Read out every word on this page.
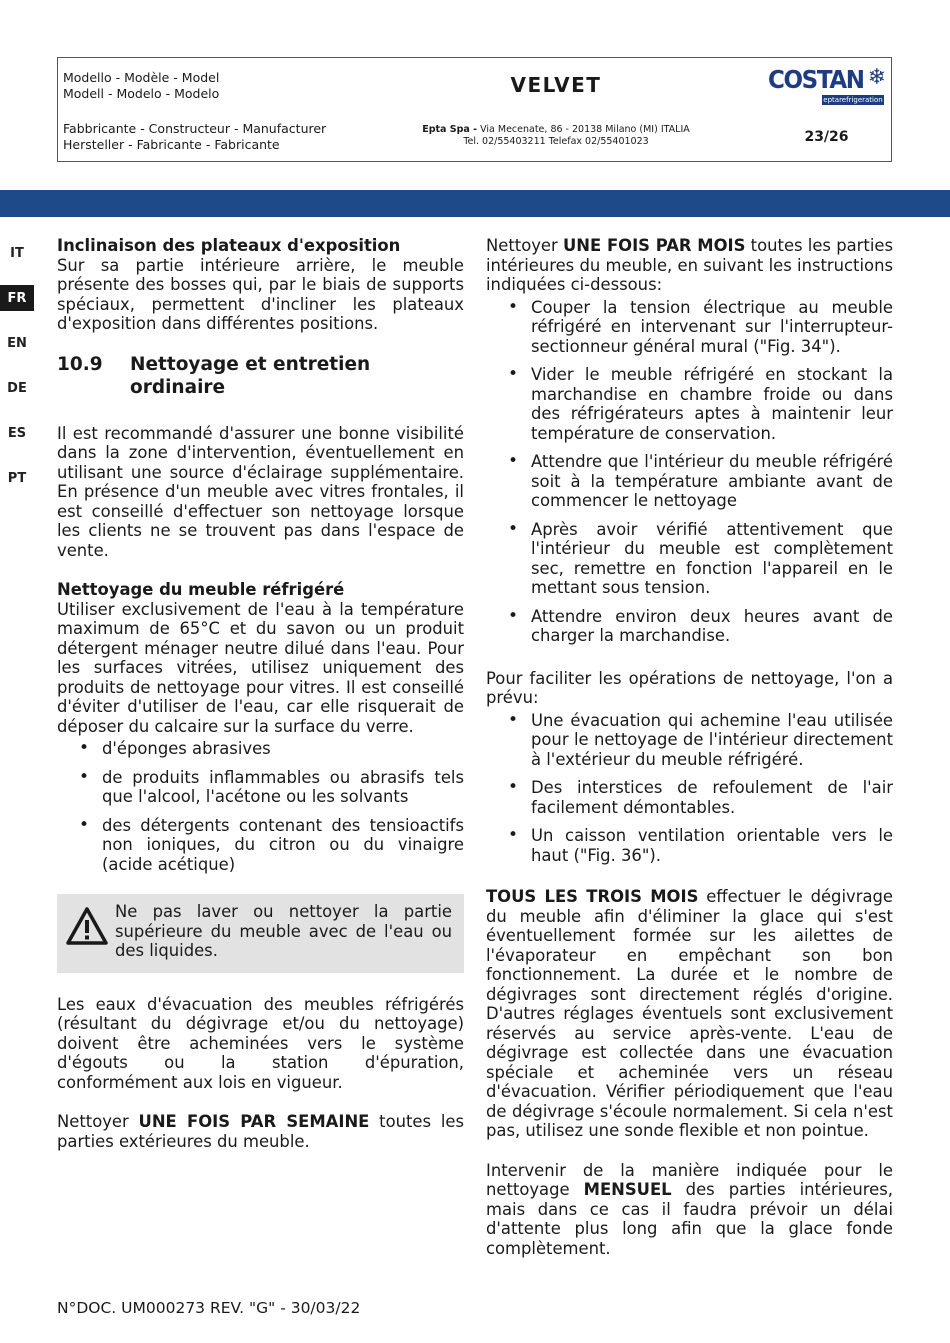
Modello - Modèle - Model
Modell - Modelo - Modelo	VELVET	COSTAN ❄
eptarefrigeration
Fabbricante - Constructeur - Manufacturer
Hersteller - Fabricante - Fabricante
Epta Spa - Via Mecenate, 86 - 20138 Milano (MI) ITALIA
Tel. 02/55403211 Telefax 02/55401023	23/26
IT
FR
EN
DE
ES
PT
Inclinaison des plateaux d'exposition
Sur sa partie intérieure arrière, le meuble présente des bosses qui, par le biais de supports spéciaux, permettent d'incliner les plateaux d'exposition dans différentes positions.
10.9	Nettoyage et entretien ordinaire
Il est recommandé d'assurer une bonne visibilité dans la zone d'intervention, éventuellement en utilisant une source d'éclairage supplémentaire. En présence d'un meuble avec vitres frontales, il est conseillé d'effectuer son nettoyage lorsque les clients ne se trouvent pas dans l'espace de vente.
Nettoyage du meuble réfrigéré
Utiliser exclusivement de l'eau à la température maximum de 65°C et du savon ou un produit détergent ménager neutre dilué dans l'eau. Pour les surfaces vitrées, utilisez uniquement des produits de nettoyage pour vitres. Il est conseillé d'éviter d'utiliser de l'eau, car elle risquerait de déposer du calcaire sur la surface du verre.
• d'éponges abrasives
• de produits inflammables ou abrasifs tels que l'alcool, l'acétone ou les solvants
• des détergents contenant des tensioactifs non ioniques, du citron ou du vinaigre (acide acétique)
Ne pas laver ou nettoyer la partie supérieure du meuble avec de l'eau ou des liquides.
Les eaux d'évacuation des meubles réfrigérés (résultant du dégivrage et/ou du nettoyage) doivent être acheminées vers le système d'égouts ou la station d'épuration, conformément aux lois en vigueur.
Nettoyer UNE FOIS PAR SEMAINE toutes les parties extérieures du meuble.
Nettoyer UNE FOIS PAR MOIS toutes les parties intérieures du meuble, en suivant les instructions indiquées ci-dessous:
• Couper la tension électrique au meuble réfrigéré en intervenant sur l'interrupteur-sectionneur général mural ("Fig. 34").
• Vider le meuble réfrigéré en stockant la marchandise en chambre froide ou dans des réfrigérateurs aptes à maintenir leur température de conservation.
• Attendre que l'intérieur du meuble réfrigéré soit à la température ambiante avant de commencer le nettoyage
• Après avoir vérifié attentivement que l'intérieur du meuble est complètement sec, remettre en fonction l'appareil en le mettant sous tension.
• Attendre environ deux heures avant de charger la marchandise.
Pour faciliter les opérations de nettoyage, l'on a prévu:
• Une évacuation qui achemine l'eau utilisée pour le nettoyage de l'intérieur directement à l'extérieur du meuble réfrigéré.
• Des interstices de refoulement de l'air facilement démontables.
• Un caisson ventilation orientable vers le haut ("Fig. 36").
TOUS LES TROIS MOIS effectuer le dégivrage du meuble afin d'éliminer la glace qui s'est éventuellement formée sur les ailettes de l'évaporateur en empêchant son bon fonctionnement. La durée et le nombre de dégivrages sont directement réglés d'origine. D'autres réglages éventuels sont exclusivement réservés au service après-vente. L'eau de dégivrage est collectée dans une évacuation spéciale et acheminée vers un réseau d'évacuation. Vérifier périodiquement que l'eau de dégivrage s'écoule normalement. Si cela n'est pas, utilisez une sonde flexible et non pointue.
Intervenir de la manière indiquée pour le nettoyage MENSUEL des parties intérieures, mais dans ce cas il faudra prévoir un délai d'attente plus long afin que la glace fonde complètement.
N°DOC. UM000273 REV. "G" - 30/03/22
